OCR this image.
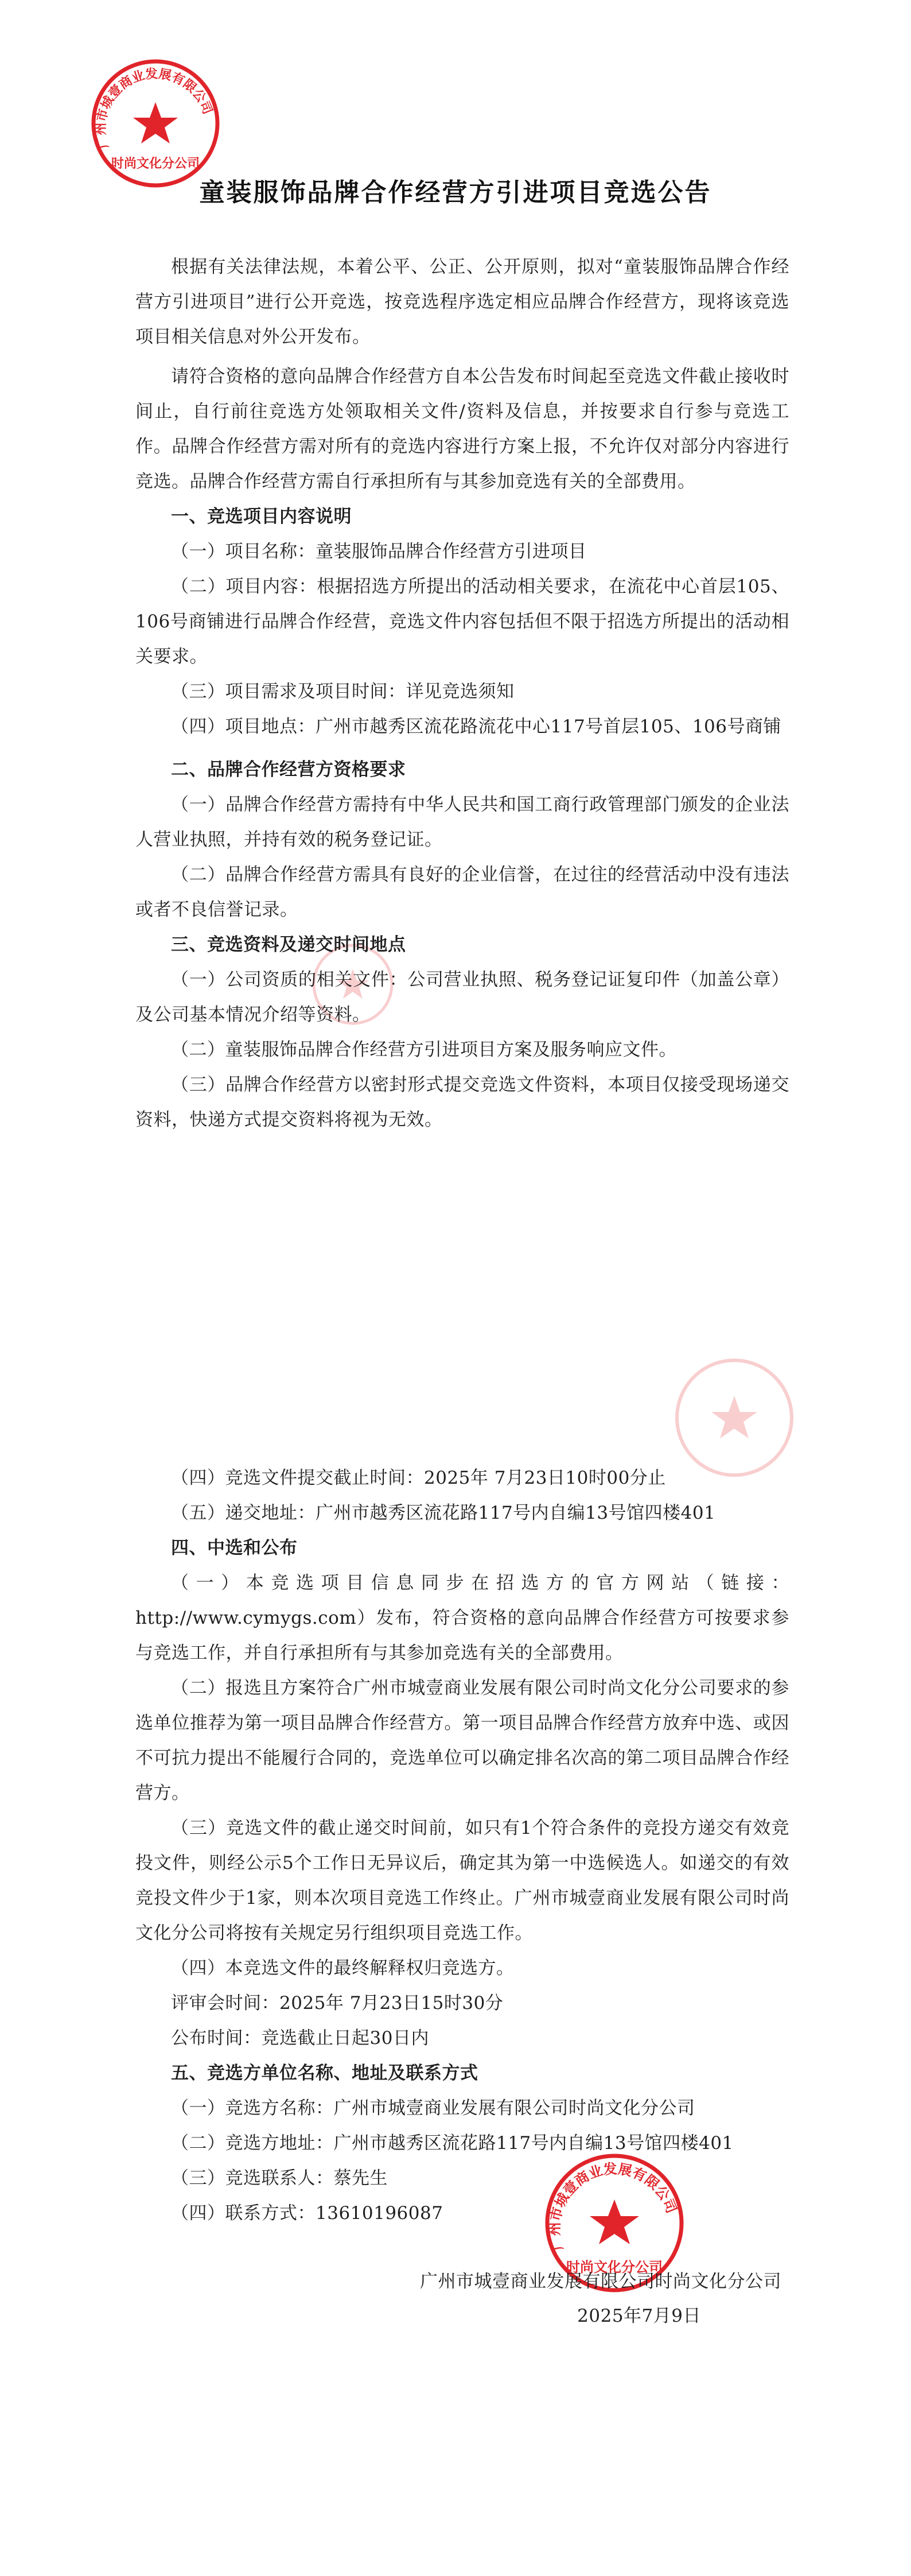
广州市城壹商业发展有限公司
时尚文化分公司
广州市城壹商业发展有限公司
时尚文化分公司
童装服饰品牌合作经营方引进项目竞选公告

根据有关法律法规，本着公平、公正、公开原则，拟对“童装服饰品牌合作经营方引进项目”进行公开竞选，按竞选程序选定相应品牌合作经营方，现将该竞选项目相关信息对外公开发布。

请符合资格的意向品牌合作经营方自本公告发布时间起至竞选文件截止接收时间止，自行前往竞选方处领取相关文件/资料及信息，并按要求自行参与竞选工作。品牌合作经营方需对所有的竞选内容进行方案上报，不允许仅对部分内容进行竞选。品牌合作经营方需自行承担所有与其参加竞选有关的全部费用。

一、竞选项目内容说明

（一）项目名称：童装服饰品牌合作经营方引进项目

（二）项目内容：根据招选方所提出的活动相关要求，在流花中心首层105、106号商铺进行品牌合作经营，竞选文件内容包括但不限于招选方所提出的活动相关要求。

（三）项目需求及项目时间：详见竞选须知

（四）项目地点：广州市越秀区流花路流花中心117号首层105、106号商铺

二、品牌合作经营方资格要求

（一）品牌合作经营方需持有中华人民共和国工商行政管理部门颁发的企业法人营业执照，并持有效的税务登记证。

（二）品牌合作经营方需具有良好的企业信誉，在过往的经营活动中没有违法或者不良信誉记录。

三、竞选资料及递交时间地点

（一）公司资质的相关文件：公司营业执照、税务登记证复印件（加盖公章）及公司基本情况介绍等资料。

（二）童装服饰品牌合作经营方引进项目方案及服务响应文件。

（三）品牌合作经营方以密封形式提交竞选文件资料，本项目仅接受现场递交资料，快递方式提交资料将视为无效。

（四）竞选文件提交截止时间：2025年 7月23日10时00分止

（五）递交地址：广州市越秀区流花路117号内自编13号馆四楼401

四、中选和公布

（一）本竞选项目信息同步在招选方的官方网站（链接：http://www.cymygs.com）发布，符合资格的意向品牌合作经营方可按要求参与竞选工作，并自行承担所有与其参加竞选有关的全部费用。

（二）报选且方案符合广州市城壹商业发展有限公司时尚文化分公司要求的参选单位推荐为第一项目品牌合作经营方。第一项目品牌合作经营方放弃中选、或因不可抗力提出不能履行合同的，竞选单位可以确定排名次高的第二项目品牌合作经营方。

（三）竞选文件的截止递交时间前，如只有1个符合条件的竞投方递交有效竞投文件，则经公示5个工作日无异议后，确定其为第一中选候选人。如递交的有效竞投文件少于1家，则本次项目竞选工作终止。广州市城壹商业发展有限公司时尚文化分公司将按有关规定另行组织项目竞选工作。

（四）本竞选文件的最终解释权归竞选方。

评审会时间：2025年 7月23日15时30分

公布时间：竞选截止日起30日内

五、竞选方单位名称、地址及联系方式

（一）竞选方名称：广州市城壹商业发展有限公司时尚文化分公司

（二）竞选方地址：广州市越秀区流花路117号内自编13号馆四楼401

（三）竞选联系人：蔡先生

（四）联系方式：13610196087

广州市城壹商业发展有限公司时尚文化分公司

2025年7月9日
